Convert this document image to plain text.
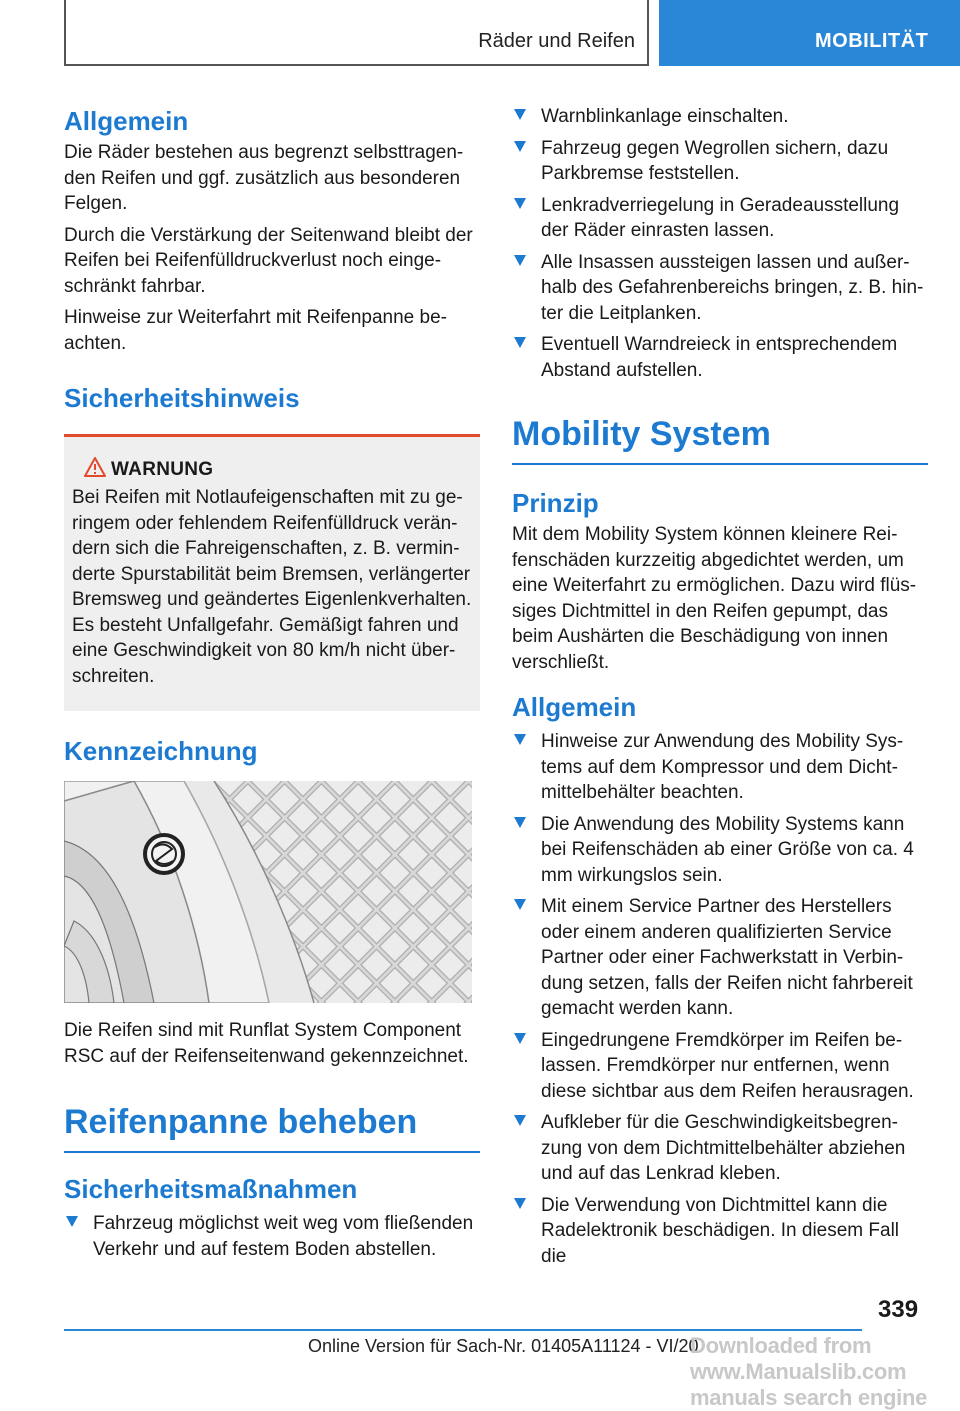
Räder und Reifen	MOBILITÄT
Allgemein

Die Räder bestehen aus begrenzt selbsttragen-den Reifen und ggf. zusätzlich aus besonderen Felgen.

Durch die Verstärkung der Seitenwand bleibt der Reifen bei Reifenfülldruckverlust noch einge-schränkt fahrbar.

Hinweise zur Weiterfahrt mit Reifenpanne be-achten.

Sicherheitshinweis
WARNUNG

Bei Reifen mit Notlaufeigenschaften mit zu ge-ringem oder fehlendem Reifenfülldruck verän-dern sich die Fahreigenschaften, z. B. vermin-derte Spurstabilität beim Bremsen, verlängerter Bremsweg und geändertes Eigenlenkverhalten. Es besteht Unfallgefahr. Gemäßigt fahren und eine Geschwindigkeit von 80 km/h nicht über-schreiten.

Kennzeichnung

Die Reifen sind mit Runflat System Component RSC auf der Reifenseitenwand gekennzeichnet.

Reifenpanne beheben
Sicherheitsmaßnahmen
Fahrzeug möglichst weit weg vom fließenden Verkehr und auf festem Boden abstellen.
Warnblinkanlage einschalten.
Fahrzeug gegen Wegrollen sichern, dazu Parkbremse feststellen.
Lenkradverriegelung in Geradeausstellung der Räder einrasten lassen.
Alle Insassen aussteigen lassen und außer-halb des Gefahrenbereichs bringen, z. B. hin-ter die Leitplanken.
Eventuell Warndreieck in entsprechendem Abstand aufstellen.
Mobility System
Prinzip

Mit dem Mobility System können kleinere Rei-fenschäden kurzzeitig abgedichtet werden, um eine Weiterfahrt zu ermöglichen. Dazu wird flüs-siges Dichtmittel in den Reifen gepumpt, das beim Aushärten die Beschädigung von innen verschließt.

Allgemein
Hinweise zur Anwendung des Mobility Sys-tems auf dem Kompressor und dem Dicht-mittelbehälter beachten.
Die Anwendung des Mobility Systems kann bei Reifenschäden ab einer Größe von ca. 4 mm wirkungslos sein.
Mit einem Service Partner des Herstellers oder einem anderen qualifizierten Service Partner oder einer Fachwerkstatt in Verbin-dung setzen, falls der Reifen nicht fahrbereit gemacht werden kann.
Eingedrungene Fremdkörper im Reifen be-lassen. Fremdkörper nur entfernen, wenn diese sichtbar aus dem Reifen herausragen.
Aufkleber für die Geschwindigkeitsbegren-zung von dem Dichtmittelbehälter abziehen und auf das Lenkrad kleben.
Die Verwendung von Dichtmittel kann die Radelektronik beschädigen. In diesem Fall die
339
Online Version für Sach-Nr. 01405A11124 - VI/20
Downloaded from www.Manualslib.com manuals search engine
